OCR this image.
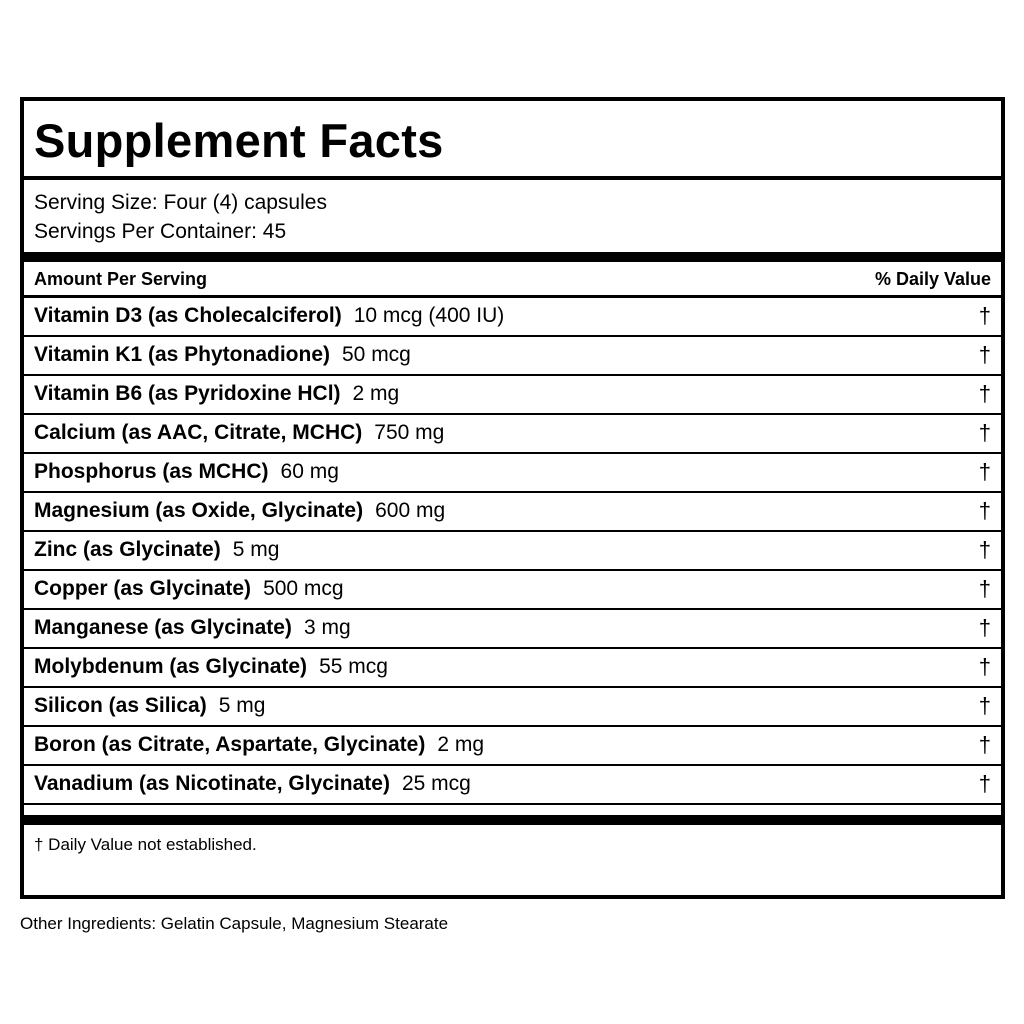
Supplement Facts
Serving Size: Four (4) capsules
Servings Per Container: 45
Amount Per Serving	% Daily Value
Vitamin D3 (as Cholecalciferol) 10 mcg (400 IU)	†
Vitamin K1 (as Phytonadione) 50 mcg	†
Vitamin B6 (as Pyridoxine HCl) 2 mg	†
Calcium (as AAC, Citrate, MCHC) 750 mg	†
Phosphorus (as MCHC) 60 mg	†
Magnesium (as Oxide, Glycinate) 600 mg	†
Zinc (as Glycinate) 5 mg	†
Copper (as Glycinate) 500 mcg	†
Manganese (as Glycinate) 3 mg	†
Molybdenum (as Glycinate) 55 mcg	†
Silicon (as Silica) 5 mg	†
Boron (as Citrate, Aspartate, Glycinate) 2 mg	†
Vanadium (as Nicotinate, Glycinate) 25 mcg	†
† Daily Value not established.
Other Ingredients: Gelatin Capsule, Magnesium Stearate
